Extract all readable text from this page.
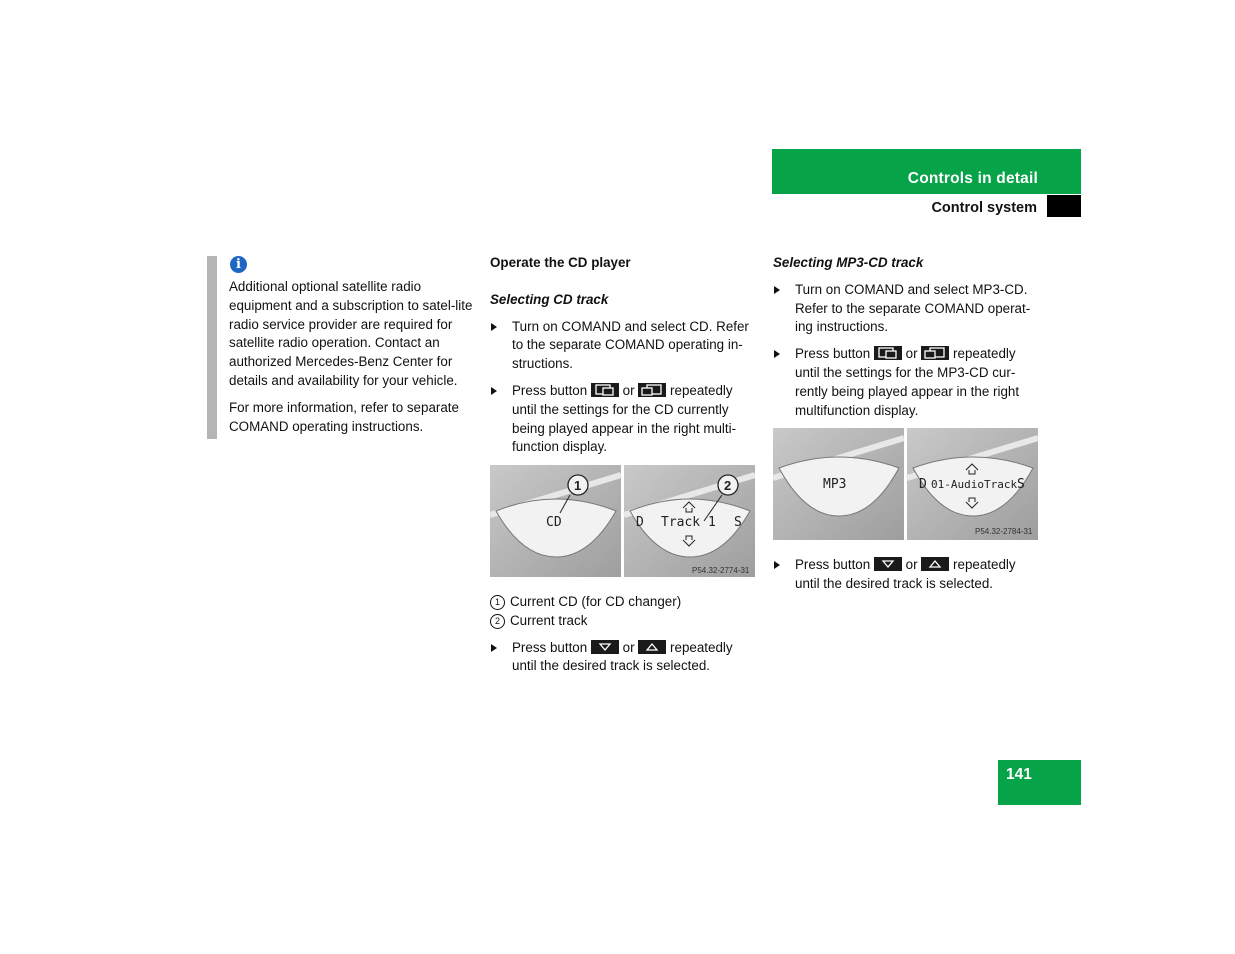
Controls in detail
Control system
i

Additional optional satellite radio equipment and a subscription to satel-lite radio service provider are required for satellite radio operation. Contact an authorized Mercedes-Benz Center for details and availability for your vehicle.

For more information, refer to separate COMAND operating instructions.

Operate the CD player
Selecting CD track
Turn on COMAND and select CD. Refer to the separate COMAND operating in-structions.
Press button	or	repeatedly until the settings for the CD currently being played appear in the right multi-function display.
CD	D Track 1 S
1	2
P54.32-2774-31
1 Current CD (for CD changer)
2 Current track
Press button	or	repeatedly until the desired track is selected.
Selecting MP3-CD track
Turn on COMAND and select MP3-CD. Refer to the separate COMAND operat-ing instructions.
Press button	or	repeatedly until the settings for the MP3-CD cur-rently being played appear in the right multifunction display.
MP3	D 01-AudioTrack S
P54.32-2784-31
Press button	or	repeatedly until the desired track is selected.
141
